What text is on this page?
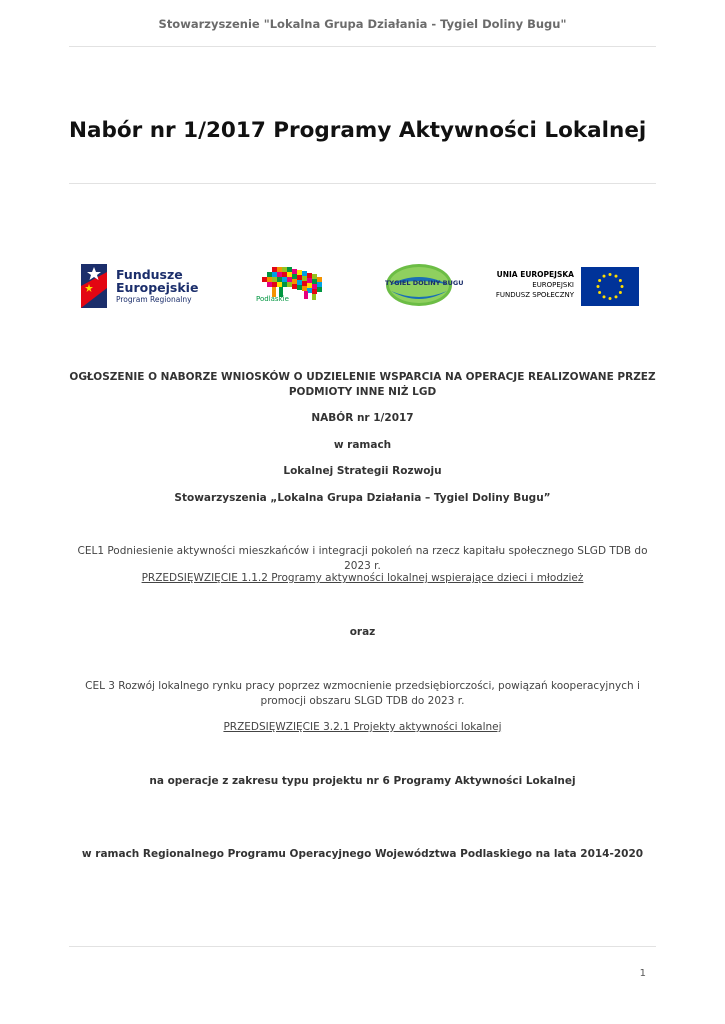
Stowarzyszenie "Lokalna Grupa Działania - Tygiel Doliny Bugu"
Nabór nr 1/2017 Programy Aktywności Lokalnej
Fundusze
Europejskie
Program Regionalny	Podlaskie
TYGIEL DOLINY BUGU
UNIA EUROPEJSKA
EUROPEJSKI
FUNDUSZ SPOŁECZNY
OGŁOSZENIE O NABORZE WNIOSKÓW O UDZIELENIE WSPARCIA NA OPERACJE REALIZOWANE PRZEZ PODMIOTY INNE NIŻ LGD
NABÓR nr 1/2017
w ramach
Lokalnej Strategii Rozwoju
Stowarzyszenia „Lokalna Grupa Działania – Tygiel Doliny Bugu”
CEL1 Podniesienie aktywności mieszkańców i integracji pokoleń na rzecz kapitału społecznego SLGD TDB do 2023 r.
PRZEDSIĘWZIĘCIE 1.1.2 Programy aktywności lokalnej wspierające dzieci i młodzież
oraz
CEL 3 Rozwój lokalnego rynku pracy poprzez wzmocnienie przedsiębiorczości, powiązań kooperacyjnych i promocji obszaru SLGD TDB do 2023 r.
PRZEDSIĘWZIĘCIE 3.2.1 Projekty aktywności lokalnej
na operacje z zakresu typu projektu nr 6 Programy Aktywności Lokalnej
w ramach Regionalnego Programu Operacyjnego Województwa Podlaskiego na lata 2014-2020
1
